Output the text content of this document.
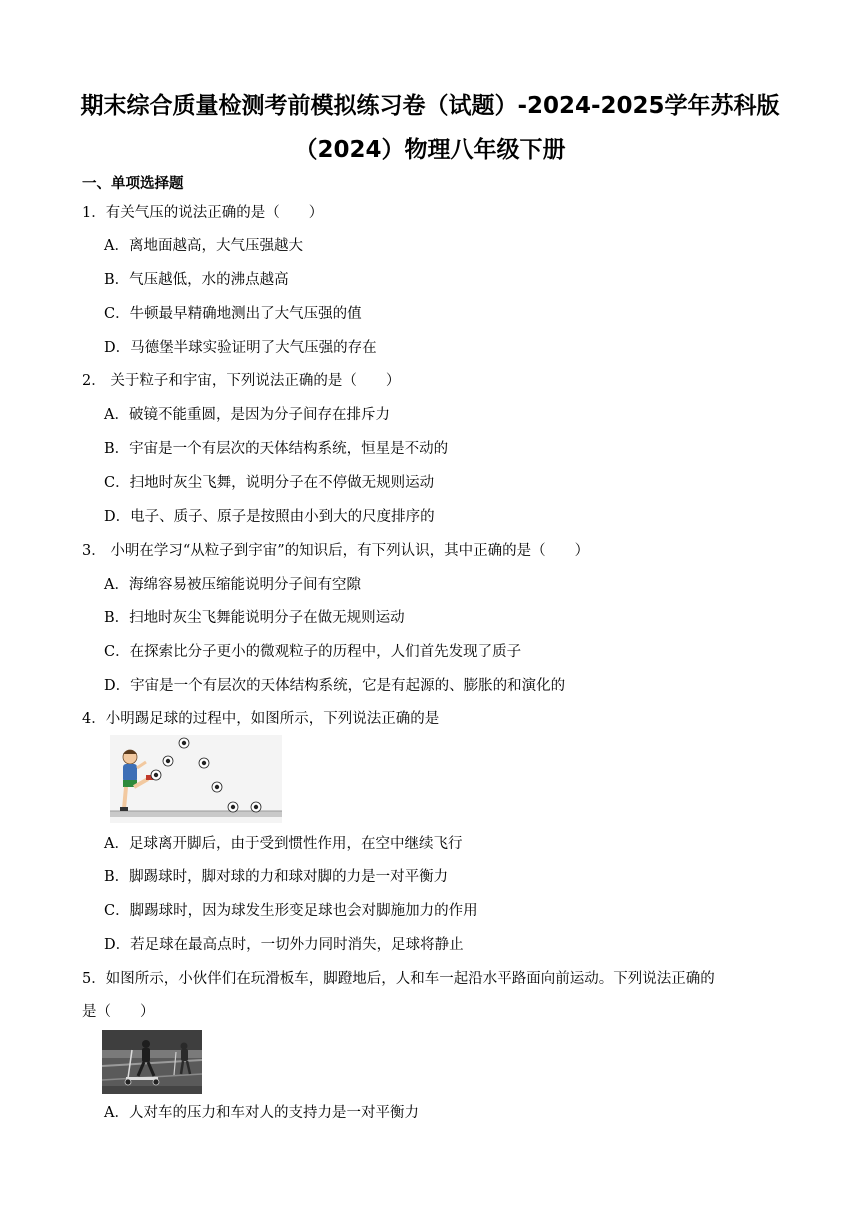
期末综合质量检测考前模拟练习卷（试题）-2024-2025学年苏科版
（2024）物理八年级下册
一、单项选择题
1．有关气压的说法正确的是（　　）
A．离地面越高，大气压强越大
B．气压越低，水的沸点越高
C．牛顿最早精确地测出了大气压强的值
D．马德堡半球实验证明了大气压强的存在
2． 关于粒子和宇宙，下列说法正确的是（　　）
A．破镜不能重圆，是因为分子间存在排斥力
B．宇宙是一个有层次的天体结构系统，恒星是不动的
C．扫地时灰尘飞舞，说明分子在不停做无规则运动
D．电子、质子、原子是按照由小到大的尺度排序的
3． 小明在学习“从粒子到宇宙”的知识后，有下列认识，其中正确的是（　　）
A．海绵容易被压缩能说明分子间有空隙
B．扫地时灰尘飞舞能说明分子在做无规则运动
C．在探索比分子更小的微观粒子的历程中，人们首先发现了质子
D．宇宙是一个有层次的天体结构系统，它是有起源的、膨胀的和演化的
4．小明踢足球的过程中，如图所示，下列说法正确的是
A．足球离开脚后，由于受到惯性作用，在空中继续飞行
B．脚踢球时，脚对球的力和球对脚的力是一对平衡力
C．脚踢球时，因为球发生形变足球也会对脚施加力的作用
D．若足球在最高点时，一切外力同时消失，足球将静止
5．如图所示，小伙伴们在玩滑板车，脚蹬地后，人和车一起沿水平路面向前运动。下列说法正确的
是（　　）
A．人对车的压力和车对人的支持力是一对平衡力
